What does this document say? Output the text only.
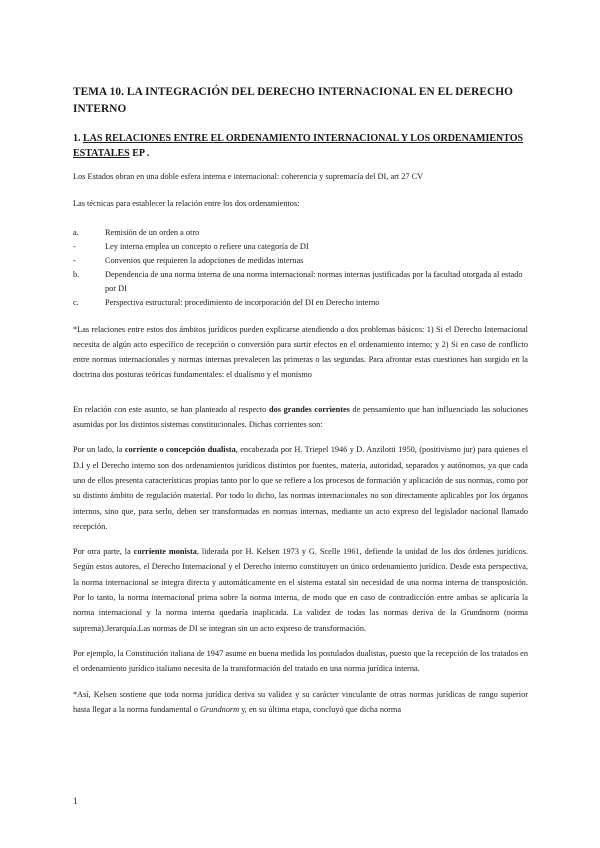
TEMA 10. LA INTEGRACIÓN DEL DERECHO INTERNACIONAL EN EL DERECHO INTERNO
1. LAS RELACIONES ENTRE EL ORDENAMIENTO INTERNACIONAL Y LOS ORDENAMIENTOS ESTATALES EP .

Los Estados obran en una doble esfera interna e internacional: coherencia y supremacía del DI, art 27 CV

Las técnicas para establecer la relación entre los dos ordenamientos:

a.	Remisión de un orden a otro
-	Ley interna emplea un concepto o refiere una categoría de DI
-	Convenios que requieren la adopciones de medidas internas
b.	Dependencia de una norma interna de una norma internacional: normas internas justificadas por la facultad otorgada al estado por DI
c.	Perspectiva estructural: procedimiento de incorporación del DI en Derecho interno

*Las relaciones entre estos dos ámbitos jurídicos pueden explicarse atendiendo a dos problemas básicos: 1) Si el Derecho Internacional necesita de algún acto específico de recepción o conversión para surtir efectos en el ordenamiento interno; y 2) Si en caso de conflicto entre normas internacionales y normas internas prevalecen las primeras o las segundas. Para afrontar estas cuestiones han surgido en la doctrina dos posturas teóricas fundamentales: el dualismo y el monismo

En relación con este asunto, se han planteado al respecto dos grandes corrientes de pensamiento que han influenciado las soluciones asumidas por los distintos sistemas constitucionales. Dichas corrientes son:

Por un lado, la corriente o concepción dualista, encabezada por H. Triepel 1946 y D. Anzilotti 1950, (positivismo jur) para quienes el D.I y el Derecho interno son dos ordenamientos jurídicos distintos por fuentes, materia, autoridad, separados y autónomos, ya que cada uno de ellos presenta características propias tanto por lo que se refiere a los procesos de formación y aplicación de sus normas, como por su distinto ámbito de regulación material. Por todo lo dicho, las normas internacionales no son directamente aplicables por los órganos internos, sino que, para serlo, deben ser transformadas en normas internas, mediante un acto expreso del legislador nacional llamado recepción.

Por otra parte, la corriente monista, liderada por H. Kelsen 1973 y G. Scelle 1961, defiende la unidad de los dos órdenes jurídicos. Según estos autores, el Derecho Internacional y el Derecho interno constituyen un único ordenamiento jurídico. Desde esta perspectiva, la norma internacional se integra directa y automáticamente en el sistema estatal sin necesidad de una norma interna de transposición. Por lo tanto, la norma internacional prima sobre la norma interna, de modo que en caso de contradicción entre ambas se aplicaría la norma internacional y la norma interna quedaría inaplicada. La validez de todas las normas deriva de la Grundnorm (norma suprema).Jerarquía.Las normas de DI se integran sin un acto expreso de transformación.

Por ejemplo, la Constitución italiana de 1947 asume en buena medida los postulados dualistas, puesto que la recepción de los tratados en el ordenamiento jurídico italiano necesita de la transformación del tratado en una norma jurídica interna.

*Así, Kelsen sostiene que toda norma jurídica deriva su validez y su carácter vinculante de otras normas jurídicas de rango superior hasta llegar a la norma fundamental o Grundnorm y, en su última etapa, concluyó que dicha norma

1
